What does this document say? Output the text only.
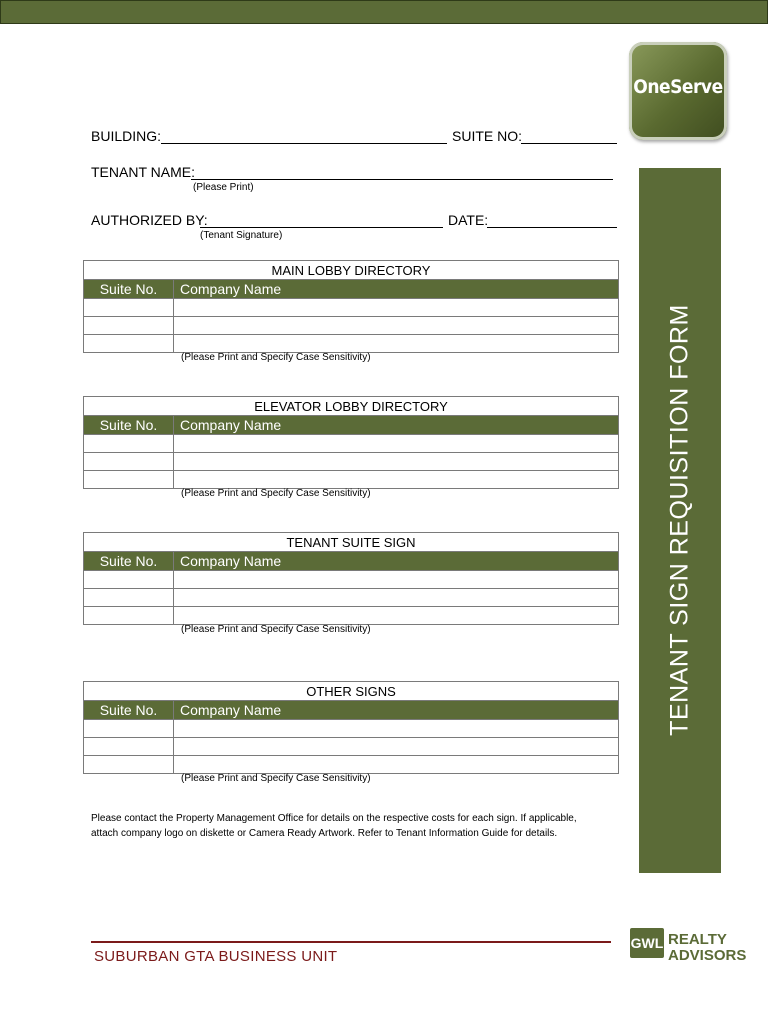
OneServe
TENANT SIGN REQUISITION FORM
BUILDING:	SUITE NO:
TENANT NAME:
(Please Print)
AUTHORIZED BY:	DATE:
(Tenant Signature)
MAIN LOBBY DIRECTORY	
Suite No.	Company Name

(Please Print and Specify Case Sensitivity)
ELEVATOR LOBBY DIRECTORY	
Suite No.	Company Name

(Please Print and Specify Case Sensitivity)
TENANT SUITE SIGN	
Suite No.	Company Name

(Please Print and Specify Case Sensitivity)
OTHER SIGNS	
Suite No.	Company Name

(Please Print and Specify Case Sensitivity)
Please contact the Property Management Office for details on the respective costs for each sign. If applicable,
attach company logo on diskette or Camera Ready Artwork. Refer to Tenant Information Guide for details.
SUBURBAN GTA BUSINESS UNIT
GWL REALTY
ADVISORS
